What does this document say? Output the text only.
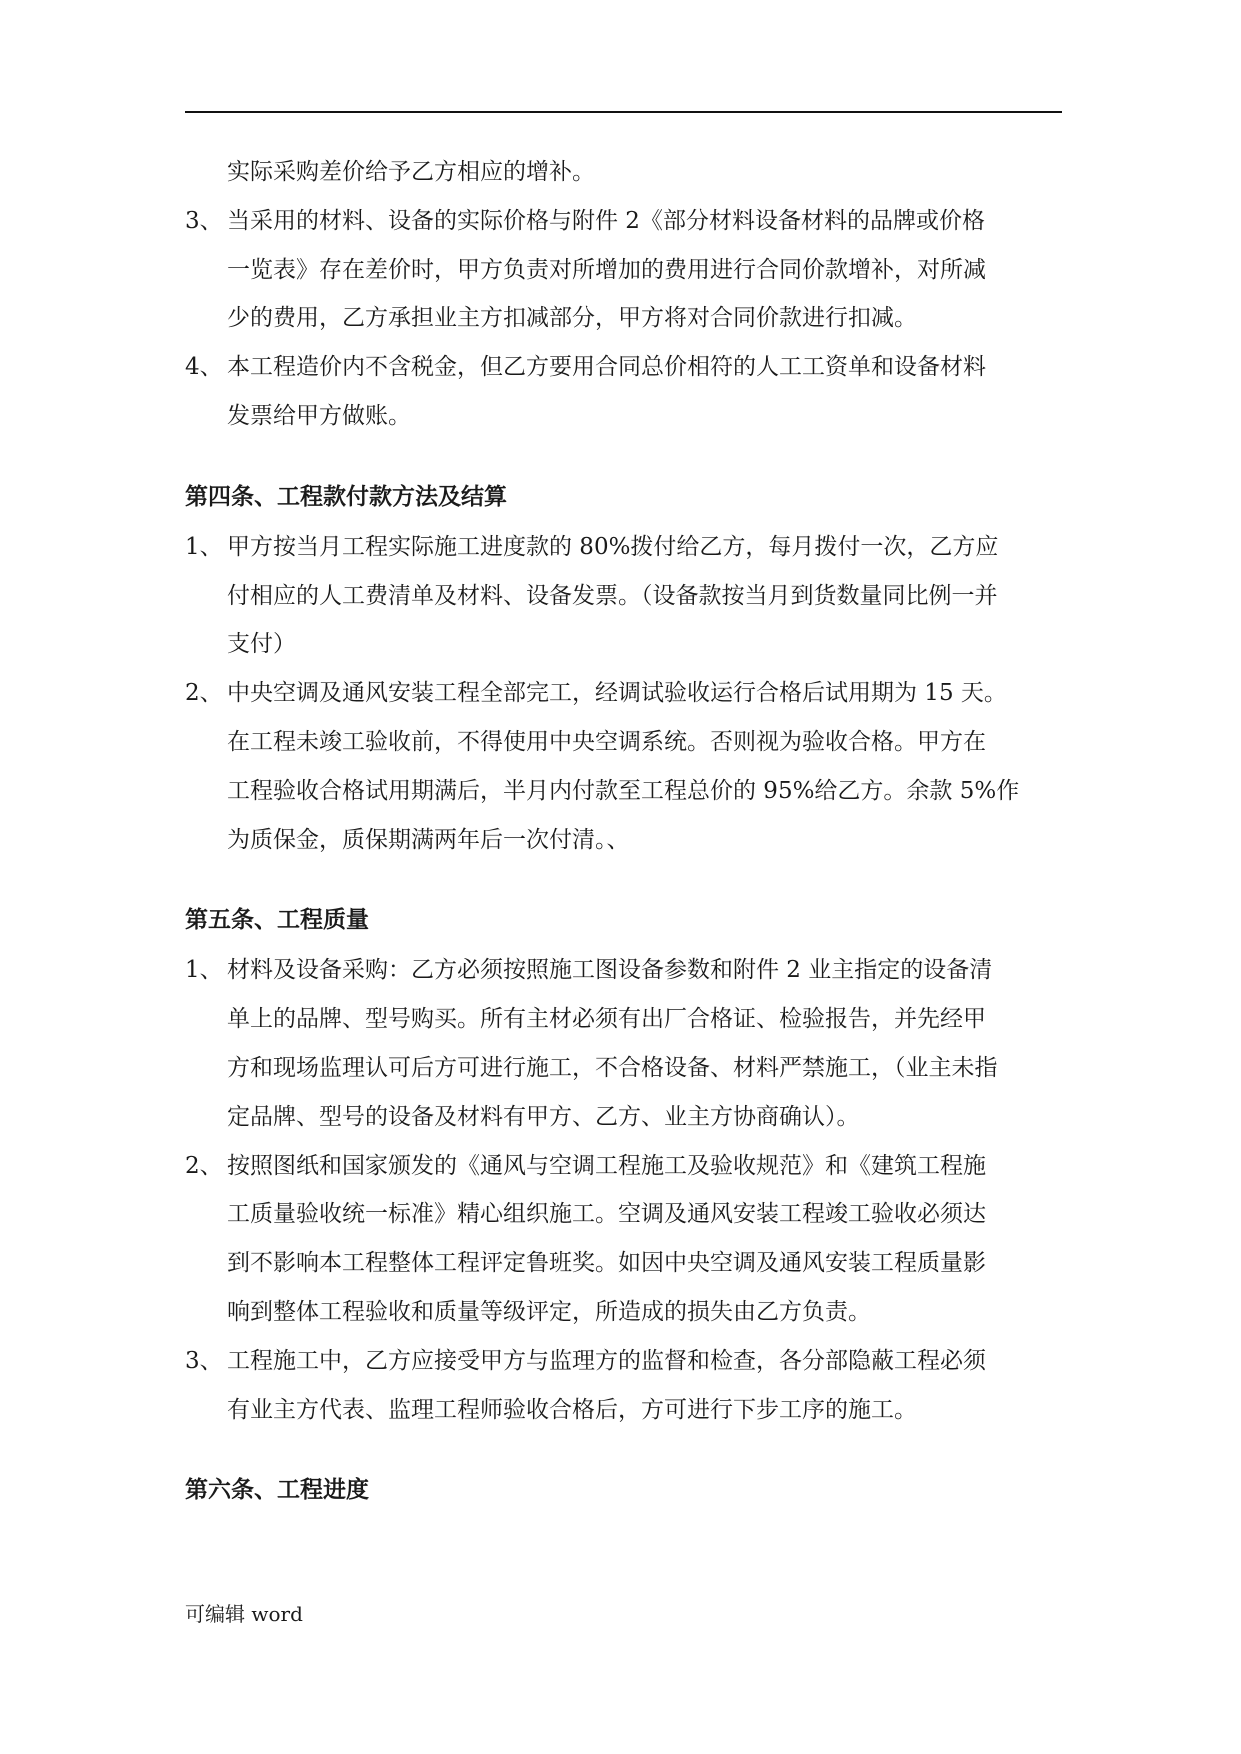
实际采购差价给予乙方相应的增补。
3、 当采用的材料、设备的实际价格与附件 2《部分材料设备材料的品牌或价格
一览表》存在差价时，甲方负责对所增加的费用进行合同价款增补，对所减
少的费用，乙方承担业主方扣减部分，甲方将对合同价款进行扣减。
4、 本工程造价内不含税金，但乙方要用合同总价相符的人工工资单和设备材料
发票给甲方做账。
第四条、工程款付款方法及结算
1、 甲方按当月工程实际施工进度款的 80%拨付给乙方，每月拨付一次，乙方应
付相应的人工费清单及材料、设备发票。（设备款按当月到货数量同比例一并
支付）
2、 中央空调及通风安装工程全部完工，经调试验收运行合格后试用期为 15 天。
在工程未竣工验收前，不得使用中央空调系统。否则视为验收合格。甲方在
工程验收合格试用期满后，半月内付款至工程总价的 95%给乙方。余款 5%作
为质保金，质保期满两年后一次付清。、
第五条、工程质量
1、 材料及设备采购：乙方必须按照施工图设备参数和附件 2 业主指定的设备清
单上的品牌、型号购买。所有主材必须有出厂合格证、检验报告，并先经甲
方和现场监理认可后方可进行施工，不合格设备、材料严禁施工，（业主未指
定品牌、型号的设备及材料有甲方、乙方、业主方协商确认）。
2、 按照图纸和国家颁发的《通风与空调工程施工及验收规范》和《建筑工程施
工质量验收统一标准》精心组织施工。空调及通风安装工程竣工验收必须达
到不影响本工程整体工程评定鲁班奖。如因中央空调及通风安装工程质量影
响到整体工程验收和质量等级评定，所造成的损失由乙方负责。
3、 工程施工中，乙方应接受甲方与监理方的监督和检查，各分部隐蔽工程必须
有业主方代表、监理工程师验收合格后，方可进行下步工序的施工。
第六条、工程进度
可编辑 word
